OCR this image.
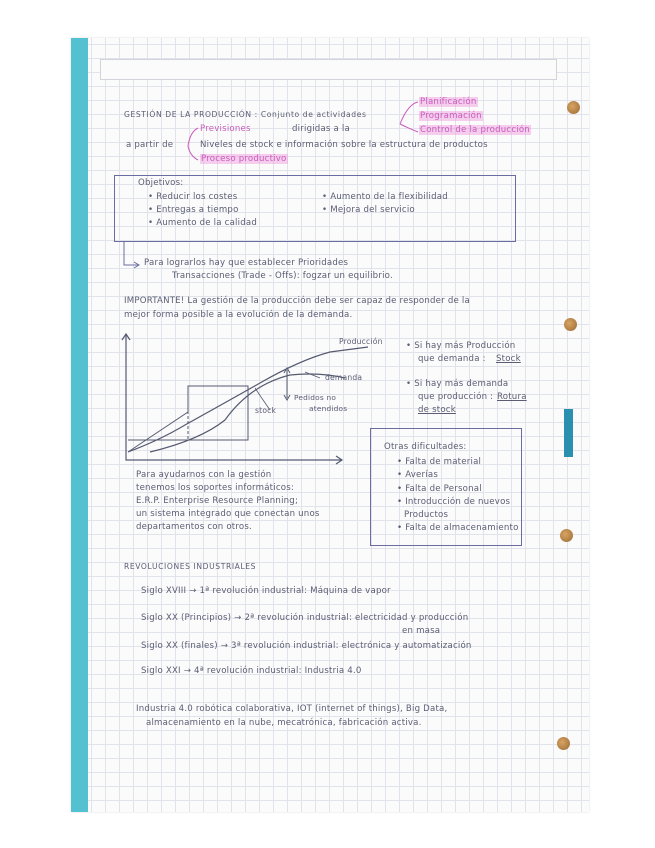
GESTIÓN DE LA PRODUCCIÓN : Conjunto de actividades
dirigidas a la
Planificación
Programación
Control de la producción
Previsiones
a partir de	Niveles de stock e información sobre la estructura de productos
Proceso productivo
Objetivos:
• Reducir los costes
• Entregas a tiempo
• Aumento de la calidad
• Aumento de la flexibilidad
• Mejora del servicio
Para lograrlos hay que establecer Prioridades
Transacciones (Trade - Offs): fogzar un equilibrio.
IMPORTANTE! La gestión de la producción debe ser capaz de responder de la
mejor forma posible a la evolución de la demanda.
Producción
demanda
stock
Pedidos no
atendidos
• Si hay más Producción
que demanda : Stock
• Si hay más demanda
que producción : Rotura
de stock
Otras dificultades:
• Falta de material
• Averías
• Falta de Personal
• Introducción de nuevos
Productos
• Falta de almacenamiento
Para ayudarnos con la gestión
tenemos los soportes informáticos:
E.R.P. Enterprise Resource Planning;
un sistema integrado que conectan unos
departamentos con otros.
REVOLUCIONES INDUSTRIALES
Siglo XVIII → 1ª revolución industrial: Máquina de vapor
Siglo XX (Principios) → 2ª revolución industrial: electricidad y producción
en masa
Siglo XX (finales) → 3ª revolución industrial: electrónica y automatización
Siglo XXI → 4ª revolución industrial: Industria 4.0
Industria 4.0 robótica colaborativa, IOT (internet of things), Big Data,
almacenamiento en la nube, mecatrónica, fabricación activa.
